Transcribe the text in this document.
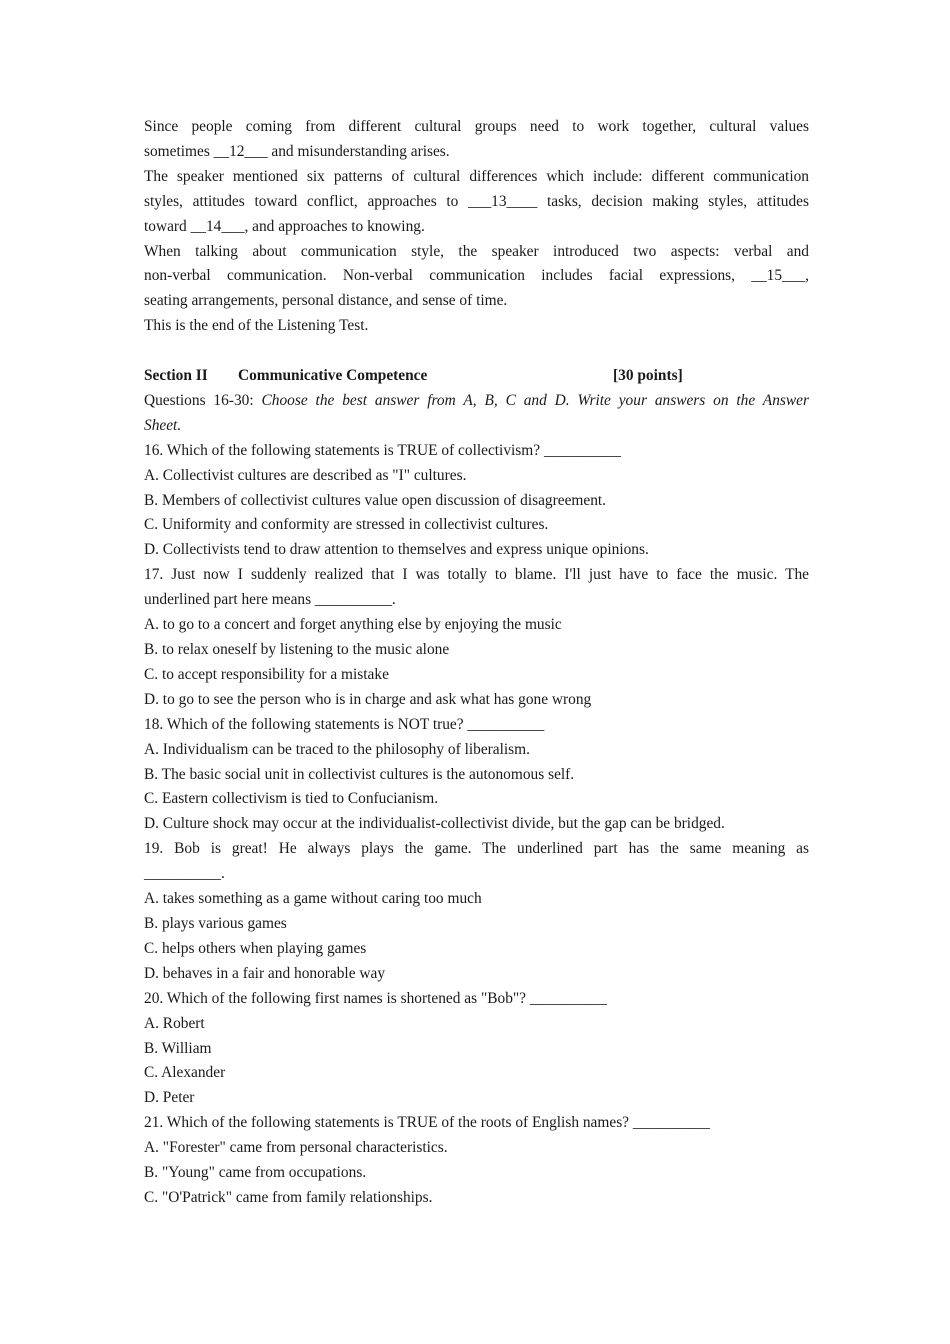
Since people coming from different cultural groups need to work together, cultural values

sometimes __12___ and misunderstanding arises.

The speaker mentioned six patterns of cultural differences which include: different communication

styles, attitudes toward conflict, approaches to ___13____ tasks, decision making styles, attitudes

toward __14___, and approaches to knowing.

When talking about communication style, the speaker introduced two aspects: verbal and

non-verbal communication. Non-verbal communication includes facial expressions, __15___,

seating arrangements, personal distance, and sense of time.

This is the end of the Listening Test.

Section II Communicative Competence	[30 points]

Questions 16-30: Choose the best answer from A, B, C and D. Write your answers on the Answer

Sheet.

16. Which of the following statements is TRUE of collectivism? __________

A. Collectivist cultures are described as "I" cultures.

B. Members of collectivist cultures value open discussion of disagreement.

C. Uniformity and conformity are stressed in collectivist cultures.

D. Collectivists tend to draw attention to themselves and express unique opinions.

17. Just now I suddenly realized that I was totally to blame. I'll just have to face the music. The

underlined part here means __________.

A. to go to a concert and forget anything else by enjoying the music

B. to relax oneself by listening to the music alone

C. to accept responsibility for a mistake

D. to go to see the person who is in charge and ask what has gone wrong

18. Which of the following statements is NOT true? __________

A. Individualism can be traced to the philosophy of liberalism.

B. The basic social unit in collectivist cultures is the autonomous self.

C. Eastern collectivism is tied to Confucianism.

D. Culture shock may occur at the individualist-collectivist divide, but the gap can be bridged.

19. Bob is great! He always plays the game. The underlined part has the same meaning as

__________.

A. takes something as a game without caring too much

B. plays various games

C. helps others when playing games

D. behaves in a fair and honorable way

20. Which of the following first names is shortened as "Bob"? __________

A. Robert

B. William

C. Alexander

D. Peter

21. Which of the following statements is TRUE of the roots of English names? __________

A. "Forester" came from personal characteristics.

B. "Young" came from occupations.

C. "O'Patrick" came from family relationships.
